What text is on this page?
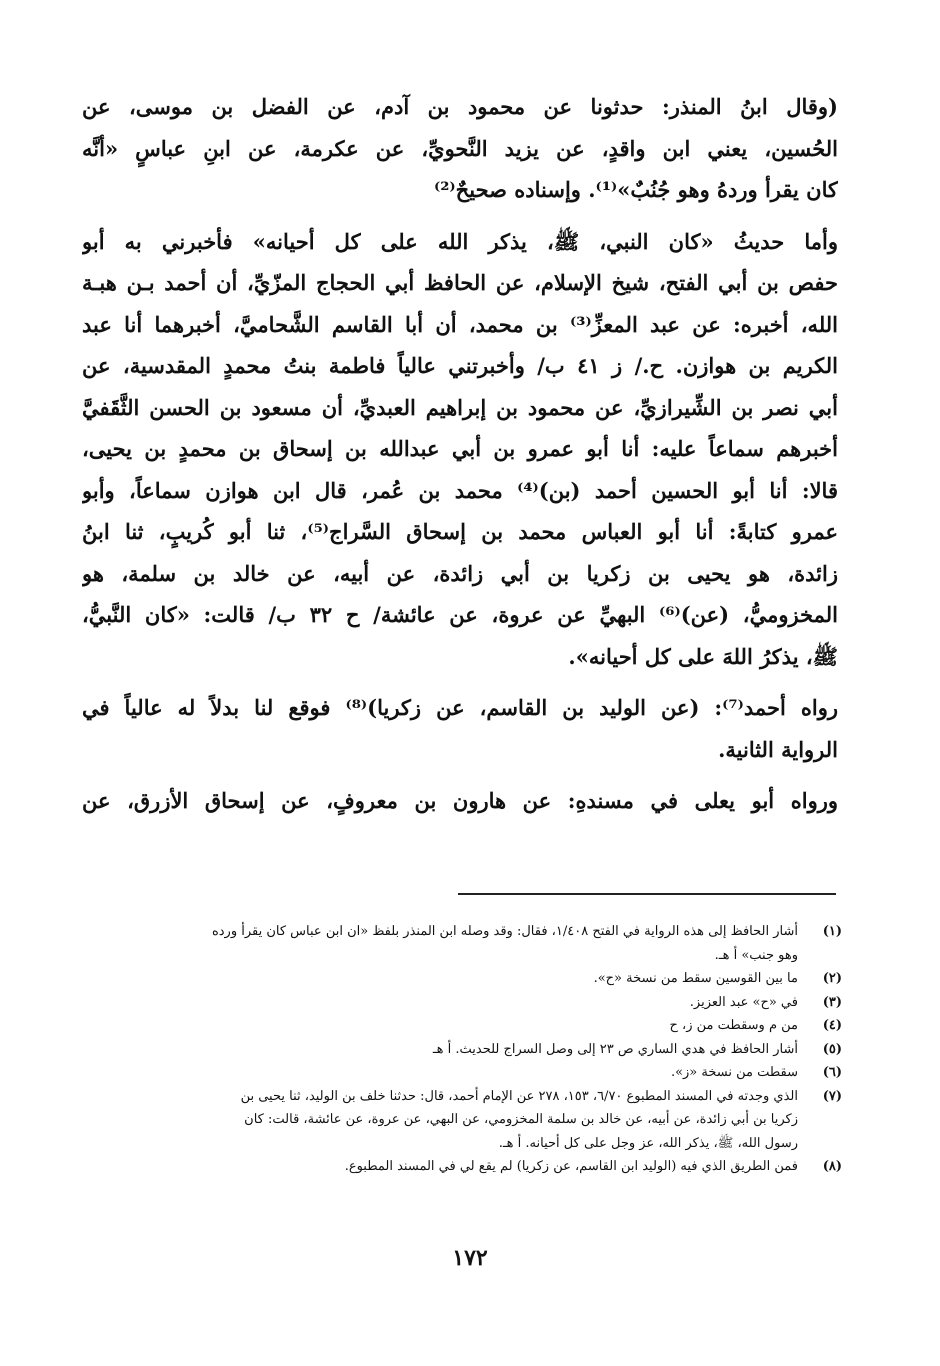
(وقال ابنُ المنذر: حدثونا عن محمود بن آدم، عن الفضل بن موسى، عن
الحُسين، يعني ابن واقدٍ، عن يزيد النَّحويِّ، عن عكرمة، عن ابنِ عباسٍ «أنَّه
كان يقرأ وردهُ وهو جُنُبٌ»⁽¹⁾. وإسناده صحيحٌ⁽²⁾

وأما حديثُ «كان النبي، ﷺ، يذكر الله على كل أحيانه» فأخبرني به أبو
حفص بن أبي الفتح، شيخ الإسلام، عن الحافظ أبي الحجاج المزّيِّ، أن أحمد بـن هبـة
الله، أخبره: عن عبد المعزِّ⁽³⁾ بن محمد، أن أبا القاسم الشَّحاميَّ، أخبرهما أنا عبد
الكريم بن هوازن. ح./ ز ٤١ ب/ وأخبرتني عالياً فاطمة بنتُ محمدٍ المقدسية، عن
أبي نصر بن الشِّيرازيِّ، عن محمود بن إبراهيم العبديِّ، أن مسعود بن الحسن الثَّقَفيَّ
أخبرهم سماعاً عليه: أنا أبو عمرو بن أبي عبدالله بن إسحاق بن محمدٍ بن يحيى،
قالا: أنا أبو الحسين أحمد (بن)⁽⁴⁾ محمد بن عُمر، قال ابن هوازن سماعاً، وأبو
عمرو كتابةً: أنا أبو العباس محمد بن إسحاق السَّراج⁽⁵⁾، ثنا أبو كُريبٍ، ثنا ابنُ
زائدة، هو يحيى بن زكريا بن أبي زائدة، عن أبيه، عن خالد بن سلمة، هو
المخزوميُّ، (عن)⁽⁶⁾ البهيِّ عن عروة، عن عائشة/ ح ٣٢ ب/ قالت: «كان النَّبيُّ،
ﷺ، يذكرُ اللهَ على كل أحيانه».

رواه أحمد⁽⁷⁾: (عن الوليد بن القاسم، عن زكريا)⁽⁸⁾ فوقع لنا بدلاً له عالياً في
الرواية الثانية.

ورواه أبو يعلى في مسندهِ: عن هارون بن معروفٍ، عن إسحاق الأزرق، عن

(١)
أشار الحافظ إلى هذه الرواية في الفتح ١/٤٠٨، فقال: وقد وصله ابن المنذر بلفظ «ان ابن عباس كان يقرأ ورده
وهو جنب» أ هـ.
(٢)
ما بين القوسين سقط من نسخة «ح».
(٣)
في «ح» عبد العزيز.
(٤)
من م وسقطت من ز، ح
(٥)
أشار الحافظ في هدي الساري ص ٢٣ إلى وصل السراج للحديث. أ هـ
(٦)
سقطت من نسخة «ز».
(٧)
الذي وجدته في المسند المطبوع ٦/٧٠، ١٥٣، ٢٧٨ عن الإمام أحمد، قال: حدثنا خلف بن الوليد، ثنا يحيى بن
زكريا بن أبي زائدة، عن أبيه، عن خالد بن سلمة المخزومي، عن البهي، عن عروة، عن عائشة، قالت: كان
رسول الله، ﷺ، يذكر الله، عز وجل على كل أحيانه. أ هـ.
(٨)
فمن الطريق الذي فيه (الوليد ابن القاسم، عن زكريا) لم يقع لي في المسند المطبوع.
١٧٢
